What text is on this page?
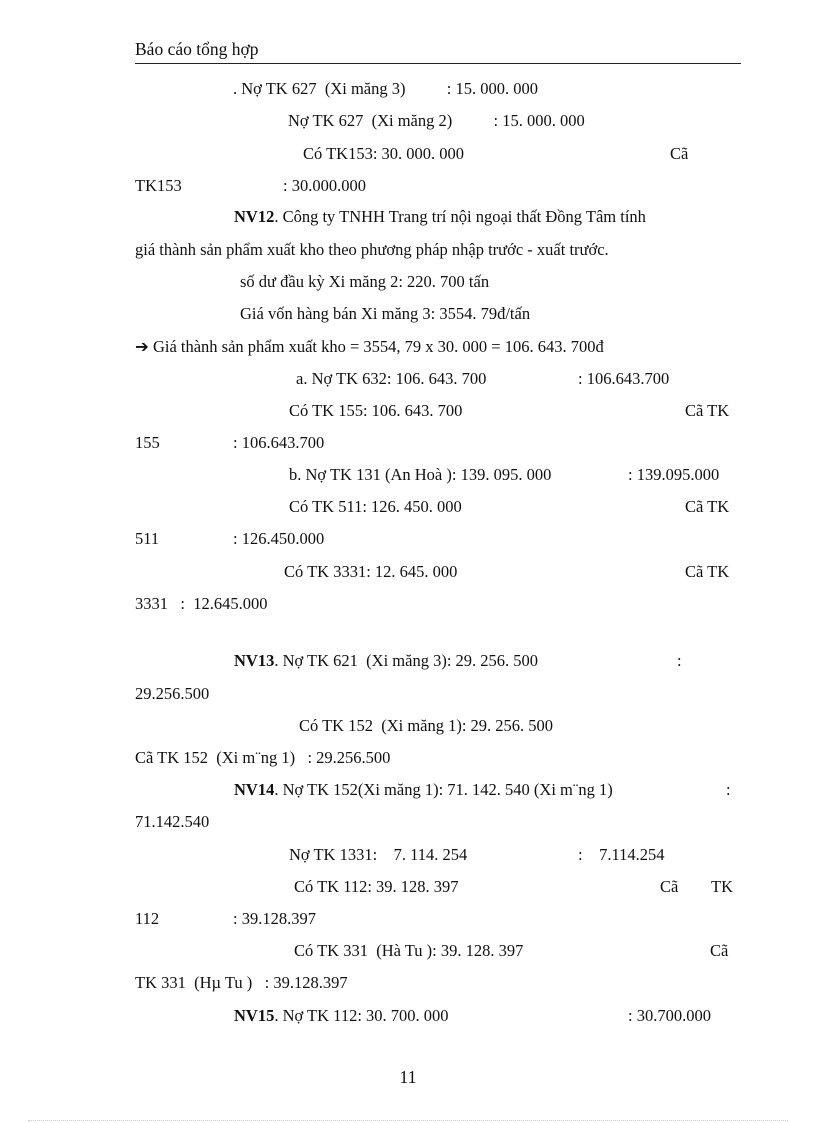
Báo cáo tổng hợp
. Nợ TK 627  (Xi măng 3)          : 15. 000. 000
Nợ TK 627  (Xi măng 2)          : 15. 000. 000
Có TK153: 30. 000. 000	Cã
TK153	: 30.000.000
NV12. Công ty TNHH Trang trí nội ngoại thất Đồng Tâm tính
giá thành sản phẩm xuất kho theo phương pháp nhập trước - xuất trước.
số dư đầu kỳ Xi măng 2: 220. 700 tấn
Giá vốn hàng bán Xi măng 3: 3554. 79đ/tấn
➔ Giá thành sản phẩm xuất kho = 3554, 79 x 30. 000 = 106. 643. 700đ
a. Nợ TK 632: 106. 643. 700	: 106.643.700
Có TK 155: 106. 643. 700	Cã TK
155	: 106.643.700
b. Nợ TK 131 (An Hoà ): 139. 095. 000	: 139.095.000
Có TK 511: 126. 450. 000	Cã TK
511	: 126.450.000
Có TK 3331: 12. 645. 000	Cã TK
3331   :  12.645.000
NV13. Nợ TK 621  (Xi măng 3): 29. 256. 500	:
29.256.500
Có TK 152  (Xi măng 1): 29. 256. 500
Cã TK 152  (Xi m¨ng 1)   : 29.256.500
NV14. Nợ TK 152(Xi măng 1): 71. 142. 540 (Xi m¨ng 1)	:
71.142.540
Nợ TK 1331:    7. 114. 254	:    7.114.254
Có TK 112: 39. 128. 397	Cã TK
112	: 39.128.397
Có TK 331  (Hà Tu ): 39. 128. 397	Cã
TK 331  (Hµ Tu )   : 39.128.397
NV15. Nợ TK 112: 30. 700. 000	: 30.700.000
11
